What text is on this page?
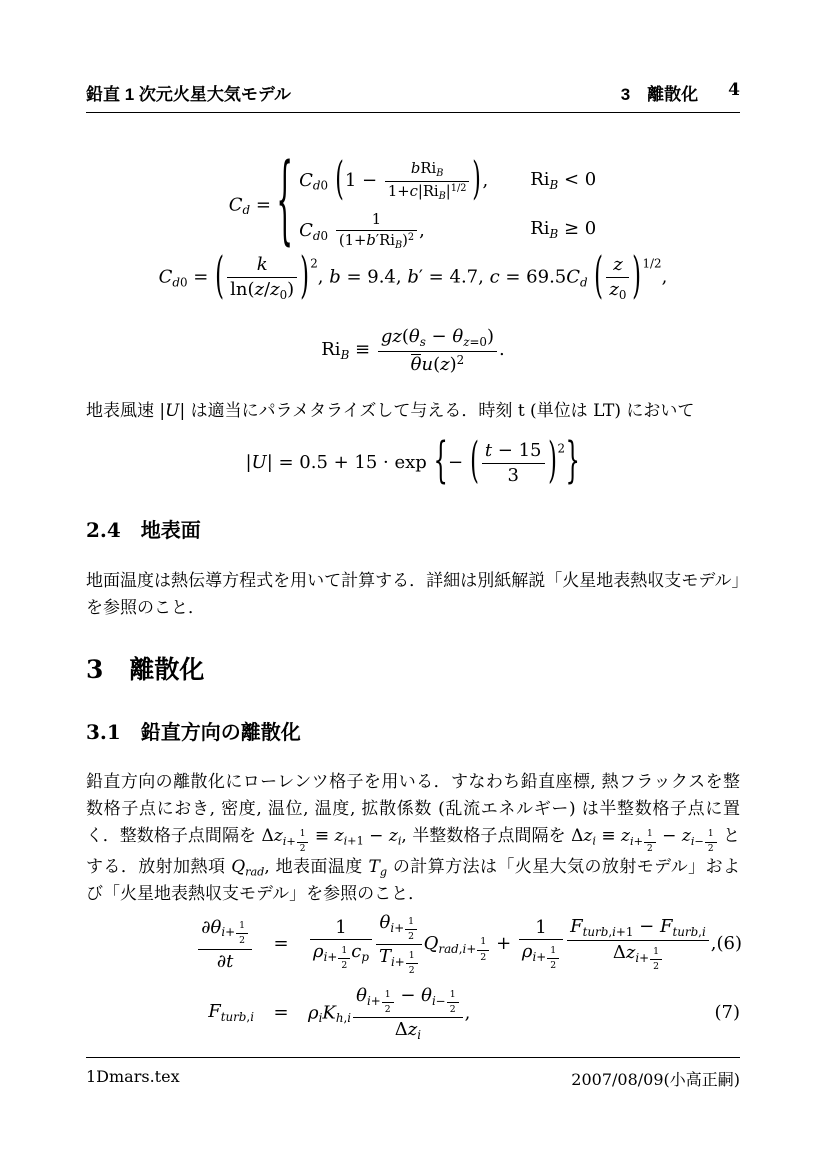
鉛直 1 次元火星大気モデル	3　離散化 4
$C_d$ = { $C_{d0}$ ( $1 - \frac{bRi_B}{1+c|Ri_B|^{1/2}}$ ) , $Ri_B < 0$
$C_{d0} \frac{1}{(1+b'Ri_B)^2}$ ,	$Ri_B \ge 0$
$C_{d0}$ = ( $\frac{k}{\ln(z/z_0)}$ ) $^2$, b = 9.4, b′ = 4.7, $c = 69.5C_d$ ( $\frac{z}{z_0}$ ) $^{1/2}$,
$Ri_B \equiv \frac{gz(\theta_s - \theta_{z=0})}{\theta u(z)^2}$ .

地表風速 |U| は適当にパラメタライズして与える．時刻 t (単位は LT) において

|U| = 0.5 + 15 · exp { − ( $\frac{t - 15}{3}$ ) $^2$ }
2.4 地表面

地面温度は熱伝導方程式を用いて計算する．詳細は別紙解説「火星地表熱収支モデル」を参照のこと．

3 離散化
3.1 鉛直方向の離散化

鉛直方向の離散化にローレンツ格子を用いる．すなわち鉛直座標, 熱フラックスを整数格子点におき, 密度, 温位, 温度, 拡散係数 (乱流エネルギー) は半整数格子点に置く．整数格子点間隔を $\Delta z_{i+ \frac{1}{2}} \equiv z_{i+1} - z_i$, 半整数格子点間隔を $\Delta z_i \equiv z_{i+ \frac{1}{2}} - z_{i- \frac{1}{2}}$ とする．放射加熱項 $Q_{rad}$, 地表面温度 $T_g$ の計算方法は「火星大気の放射モデル」および「火星地表熱収支モデル」を参照のこと．

$\partial\theta_{i+ \frac{1}{2}}$
∂t	=	1
$\rho_{i+ \frac{1}{2}}$ $c_p$ $\theta_{i+ \frac{1}{2}}$
$T_{i+ \frac{1}{2}}$ $Q_{rad,i+ \frac{1}{2}} + 1$
$\rho_{i+ \frac{1}{2}}$ $F_{turb,i+1} - F_{turb,i}$
$\Delta z_{i+ \frac{1}{2}}$ , (6)
$F_{turb,i}$	=	$\rho_iK_{h,i}$ $\theta_{i+ \frac{1}{2}} - \theta_{i- \frac{1}{2}}$
$\Delta z_i$ ,	(7)
1Dmars.tex	2007/08/09(小高正嗣)
